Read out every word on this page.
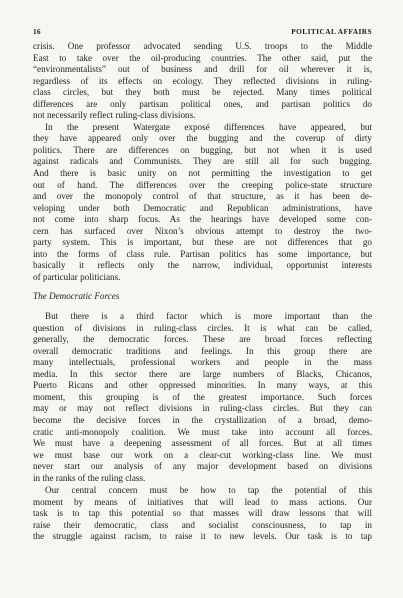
16	POLITICAL AFFAIRS
crisis. One professor advocated sending U.S. troops to the Middle
East to take over the oil-producing countries. The other said, put the
“environmentalists” out of business and drill for oil wherever it is,
regardless of its effects on ecology. They reflected divisions in ruling-
class circles, but they both must be rejected. Many times political
differences are only partisan political ones, and partisan politics do
not necessarily reflect ruling-class divisions.
In the present Watergate exposé differences have appeared, but
they have appeared only over the bugging and the coverup of dirty
politics. There are differences on bugging, but not when it is used
against radicals and Communists. They are still all for such bugging.
And there is basic unity on not permitting the investigation to get
out of hand. The differences over the creeping police-state structure
and over the monopoly control of that structure, as it has been de-
veloping under both Democratic and Republican administrations, have
not come into sharp focus. As the hearings have developed some con-
cern has surfaced over Nixon’s obvious attempt to destroy the two-
party system. This is important, but these are not differences that go
into the forms of class rule. Partisan politics has some importance, but
basically it reflects only the narrow, individual, opportunist interests
of particular politicians.
The Democratic Forces
But there is a third factor which is more important than the
question of divisions in ruling-class circles. It is what can be called,
generally, the democratic forces. These are broad forces reflecting
overall democratic traditions and feelings. In this group there are
many intellectuals, professional workers and people in the mass
media. In this sector there are large numbers of Blacks, Chicanos,
Puerto Ricans and other oppressed minorities. In many ways, at this
moment, this grouping is of the greatest importance. Such forces
may or may not reflect divisions in ruling-class circles. But they can
become the decisive forces in the crystallization of a broad, demo-
cratic anti-monopoly coalition. We must take into account all forces.
We must have a deepening assessment of all forces. But at all times
we must base our work on a clear-cut working-class line. We must
never start our analysis of any major development based on divisions
in the ranks of the ruling class.
Our central concern must be how to tap the potential of this
moment by means of initiatives that will lead to mass actions. Our
task is to tap this potential so that masses will draw lessons that will
raise their democratic, class and socialist consciousness, to tap in
the struggle against racism, to raise it to new levels. Our task is to tap
